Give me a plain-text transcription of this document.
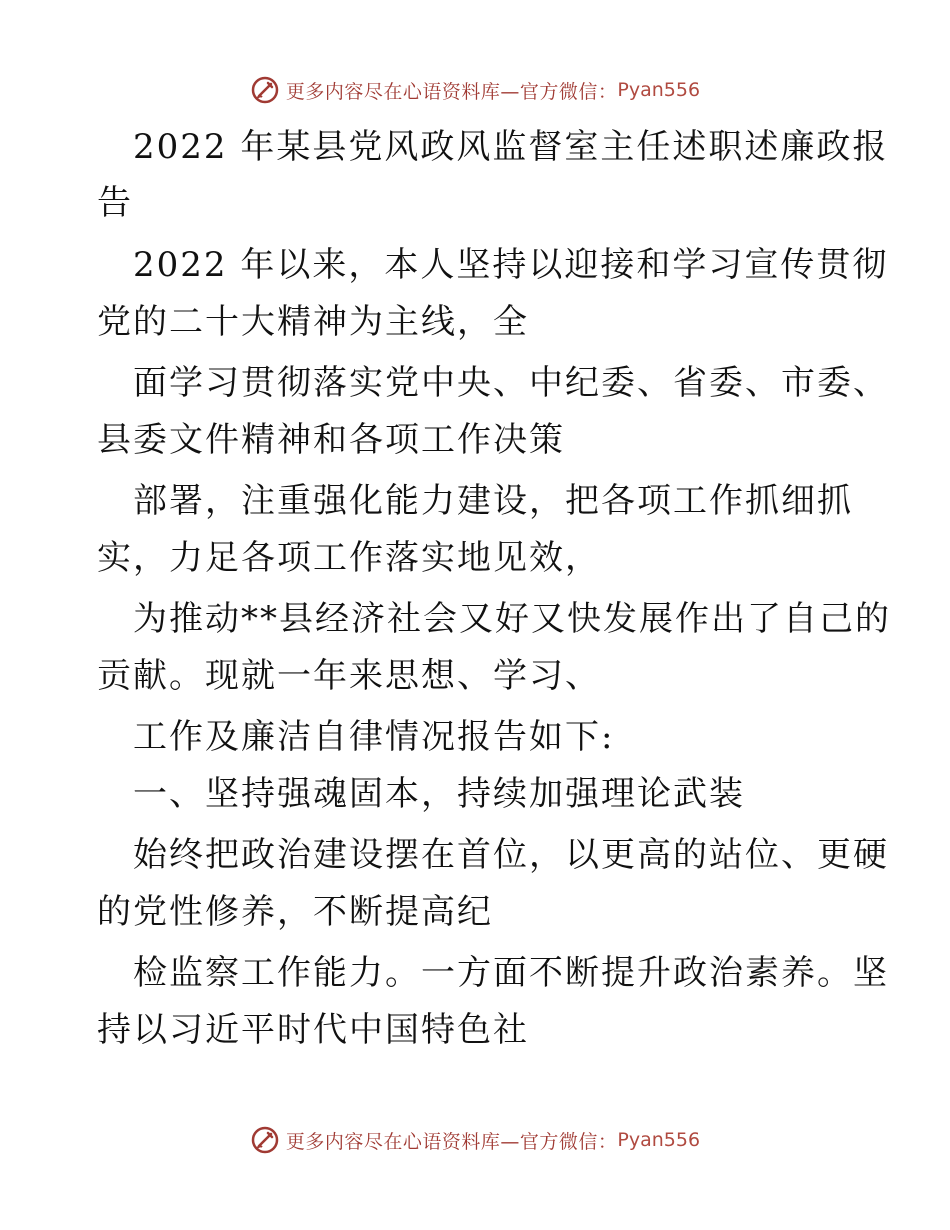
更多内容尽在心语资料库—官方微信： Pyan556
2022 年某县党风政风监督室主任述职述廉政报
告
2022 年以来，本人坚持以迎接和学习宣传贯彻
党的二十大精神为主线，全
面学习贯彻落实党中央、中纪委、省委、市委、
县委文件精神和各项工作决策
部署，注重强化能力建设，把各项工作抓细抓
实，力足各项工作落实地见效，
为推动**县经济社会又好又快发展作出了自己的
贡献。现就一年来思想、学习、
工作及廉洁自律情况报告如下:
一、坚持强魂固本，持续加强理论武装
始终把政治建设摆在首位，以更高的站位、更硬
的党性修养，不断提高纪
检监察工作能力。一方面不断提升政治素养。坚
持以习近平时代中国特色社
更多内容尽在心语资料库—官方微信： Pyan556
